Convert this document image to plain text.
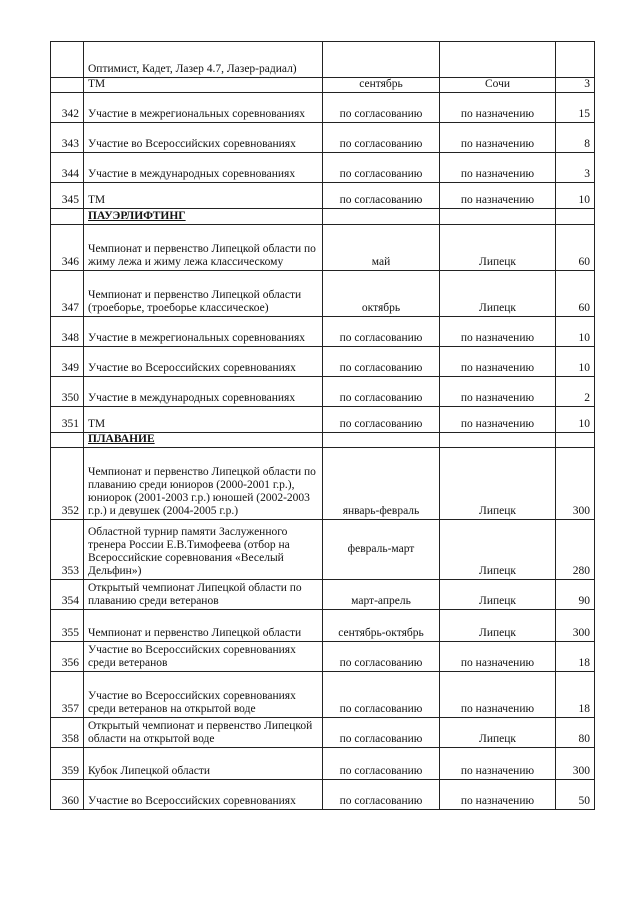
	Оптимист, Кадет, Лазер 4.7, Лазер-радиал)			
	ТМ	сентябрь	Сочи	3
342	Участие в межрегиональных соревнованиях	по согласованию	по назначению	15
343	Участие во Всероссийских соревнованиях	по согласованию	по назначению	8
344	Участие в международных соревнованиях	по согласованию	по назначению	3
345	ТМ	по согласованию	по назначению	10
	ПАУЭРЛИФТИНГ			
346	Чемпионат и первенство Липецкой области по жиму лежа и жиму лежа классическому	май	Липецк	60
347	Чемпионат и первенство Липецкой области (троеборье, троеборье классическое)	октябрь	Липецк	60
348	Участие в межрегиональных соревнованиях	по согласованию	по назначению	10
349	Участие во Всероссийских соревнованиях	по согласованию	по назначению	10
350	Участие в международных соревнованиях	по согласованию	по назначению	2
351	ТМ	по согласованию	по назначению	10
	ПЛАВАНИЕ			
352	Чемпионат и первенство Липецкой области по плаванию среди юниоров (2000-2001 г.р.), юниорок (2001-2003 г.р.) юношей (2002-2003 г.р.) и девушек (2004-2005 г.р.)	январь-февраль	Липецк	300
353	Областной турнир памяти Заслуженного тренера России Е.В.Тимофеева (отбор на Всероссийские соревнования «Веселый Дельфин»)	февраль-март	Липецк	280
354	Открытый чемпионат Липецкой области по плаванию среди ветеранов	март-апрель	Липецк	90
355	Чемпионат и первенство Липецкой области	сентябрь-октябрь	Липецк	300
356	Участие во Всероссийских соревнованиях среди ветеранов	по согласованию	по назначению	18
357	Участие во Всероссийских соревнованиях среди ветеранов на открытой воде	по согласованию	по назначению	18
358	Открытый чемпионат и первенство Липецкой области на открытой воде	по согласованию	Липецк	80
359	Кубок Липецкой области	по согласованию	по назначению	300
360	Участие во Всероссийских соревнованиях	по согласованию	по назначению	50
